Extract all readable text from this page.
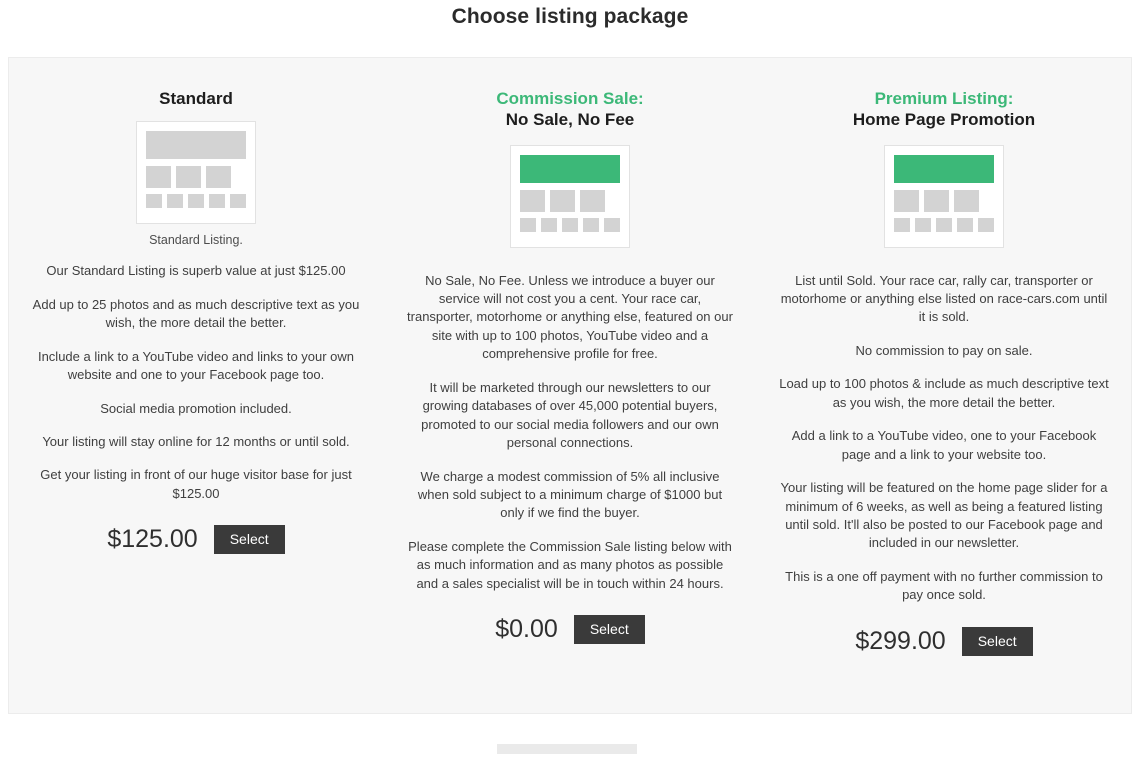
Choose listing package
Standard
Standard Listing.

Our Standard Listing is superb value at just $125.00

Add up to 25 photos and as much descriptive text as you wish, the more detail the better.

Include a link to a YouTube video and links to your own website and one to your Facebook page too.

Social media promotion included.

Your listing will stay online for 12 months or until sold.

Get your listing in front of our huge visitor base for just $125.00

$125.00	Select
Commission Sale:
No Sale, No Fee

No Sale, No Fee. Unless we introduce a buyer our service will not cost you a cent. Your race car, transporter, motorhome or anything else, featured on our site with up to 100 photos, YouTube video and a comprehensive profile for free.

It will be marketed through our newsletters to our growing databases of over 45,000 potential buyers, promoted to our social media followers and our own personal connections.

We charge a modest commission of 5% all inclusive when sold subject to a minimum charge of $1000 but only if we find the buyer.

Please complete the Commission Sale listing below with as much information and as many photos as possible and a sales specialist will be in touch within 24 hours.

$0.00	Select
Premium Listing:
Home Page Promotion

List until Sold. Your race car, rally car, transporter or motorhome or anything else listed on race-cars.com until it is sold.

No commission to pay on sale.

Load up to 100 photos & include as much descriptive text as you wish, the more detail the better.

Add a link to a YouTube video, one to your Facebook page and a link to your website too.

Your listing will be featured on the home page slider for a minimum of 6 weeks, as well as being a featured listing until sold. It'll also be posted to our Facebook page and included in our newsletter.

This is a one off payment with no further commission to pay once sold.

$299.00	Select
